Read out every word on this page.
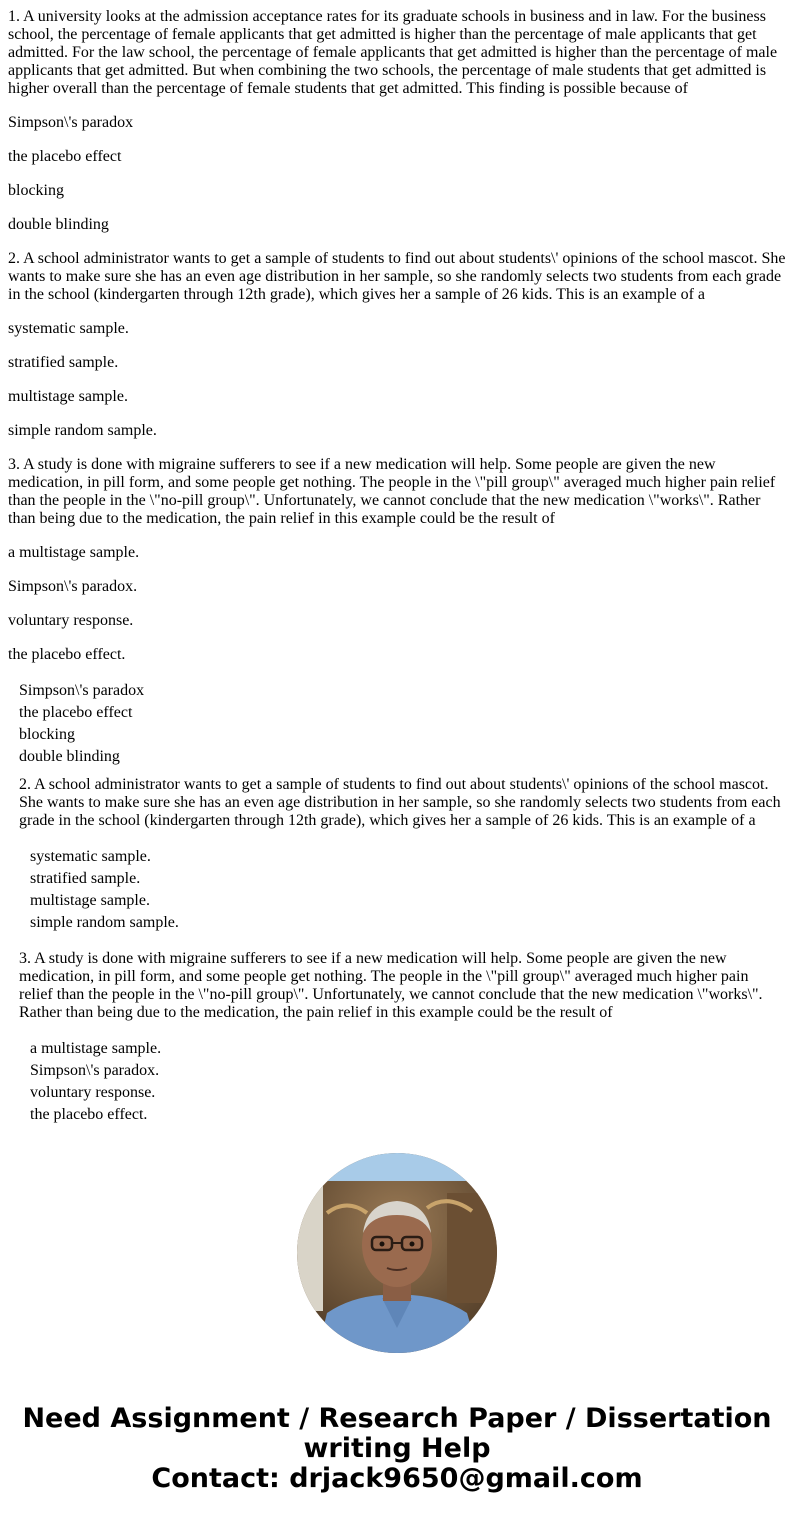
1. A university looks at the admission acceptance rates for its graduate schools in business and in law. For the business school, the percentage of female applicants that get admitted is higher than the percentage of male applicants that get admitted. For the law school, the percentage of female applicants that get admitted is higher than the percentage of male applicants that get admitted. But when combining the two schools, the percentage of male students that get admitted is higher overall than the percentage of female students that get admitted. This finding is possible because of

Simpson\'s paradox

the placebo effect

blocking

double blinding

2. A school administrator wants to get a sample of students to find out about students\' opinions of the school mascot. She wants to make sure she has an even age distribution in her sample, so she randomly selects two students from each grade in the school (kindergarten through 12th grade), which gives her a sample of 26 kids. This is an example of a

systematic sample.

stratified sample.

multistage sample.

simple random sample.

3. A study is done with migraine sufferers to see if a new medication will help. Some people are given the new medication, in pill form, and some people get nothing. The people in the \"pill group\" averaged much higher pain relief than the people in the \"no-pill group\". Unfortunately, we cannot conclude that the new medication \"works\". Rather than being due to the medication, the pain relief in this example could be the result of

a multistage sample.

Simpson\'s paradox.

voluntary response.

the placebo effect.

Simpson\'s paradox

the placebo effect

blocking

double blinding

2. A school administrator wants to get a sample of students to find out about students\' opinions of the school mascot. She wants to make sure she has an even age distribution in her sample, so she randomly selects two students from each grade in the school (kindergarten through 12th grade), which gives her a sample of 26 kids. This is an example of a

systematic sample.

stratified sample.

multistage sample.

simple random sample.

3. A study is done with migraine sufferers to see if a new medication will help. Some people are given the new medication, in pill form, and some people get nothing. The people in the \"pill group\" averaged much higher pain relief than the people in the \"no-pill group\". Unfortunately, we cannot conclude that the new medication \"works\". Rather than being due to the medication, the pain relief in this example could be the result of

a multistage sample.

Simpson\'s paradox.

voluntary response.

the placebo effect.

Need Assignment / Research Paper / Dissertation
writing Help
Contact: drjack9650@gmail.com
